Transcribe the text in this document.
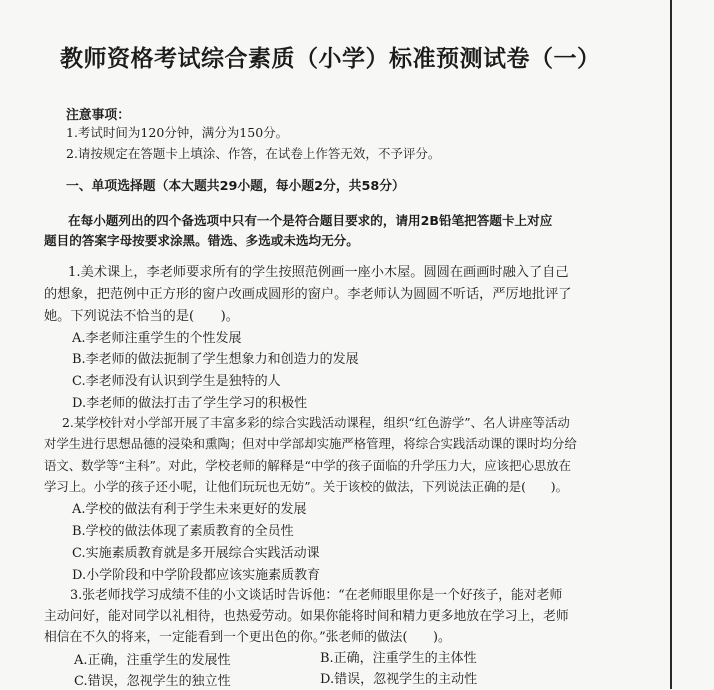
教师资格考试综合素质（小学）标准预测试卷（一）
注意事项：
1.考试时间为120分钟，满分为150分。
2.请按规定在答题卡上填涂、作答，在试卷上作答无效，不予评分。
一、单项选择题（本大题共29小题，每小题2分，共58分）
在每小题列出的四个备选项中只有一个是符合题目要求的，请用2B铅笔把答题卡上对应
题目的答案字母按要求涂黑。错选、多选或未选均无分。
1.美术课上，李老师要求所有的学生按照范例画一座小木屋。圆圆在画画时融入了自己
的想象，把范例中正方形的窗户改画成圆形的窗户。李老师认为圆圆不听话，严厉地批评了
她。下列说法不恰当的是(　　)。
A.李老师注重学生的个性发展
B.李老师的做法扼制了学生想象力和创造力的发展
C.李老师没有认识到学生是独特的人
D.李老师的做法打击了学生学习的积极性
2.某学校针对小学部开展了丰富多彩的综合实践活动课程，组织“红色游学”、名人讲座等活动
对学生进行思想品德的浸染和熏陶；但对中学部却实施严格管理，将综合实践活动课的课时均分给
语文、数学等“主科”。对此，学校老师的解释是“中学的孩子面临的升学压力大，应该把心思放在
学习上。小学的孩子还小呢，让他们玩玩也无妨”。关于该校的做法，下列说法正确的是(　　)。
A.学校的做法有利于学生未来更好的发展
B.学校的做法体现了素质教育的全员性
C.实施素质教育就是多开展综合实践活动课
D.小学阶段和中学阶段都应该实施素质教育
3.张老师找学习成绩不佳的小文谈话时告诉他：“在老师眼里你是一个好孩子，能对老师
主动问好，能对同学以礼相待，也热爱劳动。如果你能将时间和精力更多地放在学习上，老师
相信在不久的将来，一定能看到一个更出色的你。”张老师的做法(　　)。
A.正确，注重学生的发展性	B.正确，注重学生的主体性
C.错误，忽视学生的独立性	D.错误，忽视学生的主动性
